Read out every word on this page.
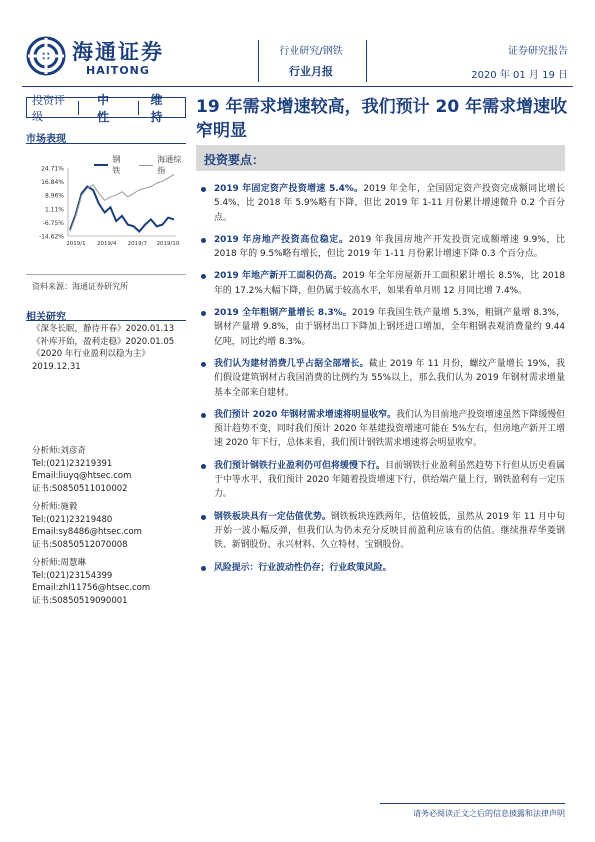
海通证券
HAITONG
行业研究/钢铁
行业月报
证券研究报告
2020 年 01 月 19 日
投资评级
中性
维持	19 年需求增速较高，我们预计 20 年需求增速收窄明显
市场表现
24.71%
16.84%
8.96%
1.11%
-6.75%
-14.62%
2019/1 2019/4 2019/7 2019/10
钢铁
海通综指
资料来源：海通证券研究所
相关研究
《深冬长眠，静待开春》2020.01.13
《补库开始，盈利走稳》2020.01.05
《2020 年行业盈利以稳为主》
2019.12.31
分析师:刘彦奇
Tel:(021)23219391
Email:liuyq@htsec.com
证书:S0850511010002
分析师:施毅
Tel:(021)23219480
Email:sy8486@htsec.com
证书:S0850512070008
分析师:周慧琳
Tel:(021)23154399
Email:zhl11756@htsec.com
证书:S0850519090001
投资要点：
2019 年固定资产投资增速 5.4%。2019 年全年，全国固定资产投资完成额同比增长 5.4%，比 2018 年 5.9%略有下降，但比 2019 年 1-11 月份累计增速微升 0.2 个百分点。
2019 年房地产投资高位稳定。2019 年我国房地产开发投资完成额增速 9.9%，比 2018 年的 9.5%略有增长，但比 2019 年 1-11 月份累计增速下降 0.3 个百分点。
2019 年地产新开工面积仍高。2019 年全年房屋新开工面积累计增长 8.5%，比 2018 年的 17.2%大幅下降，但仍属于较高水平，如果看单月则 12 月同比增 7.4%。
2019 全年粗钢产量增长 8.3%。2019 年我国生铁产量增 5.3%，粗钢产量增 8.3%，钢材产量增 9.8%，由于钢材出口下降加上钢坯进口增加，全年粗钢表观消费量约 9.44 亿吨，同比约增 8.3%。
我们认为建材消费几乎占据全部增长。截止 2019 年 11 月份，螺纹产量增长 19%，我们假设建筑钢材占我国消费的比例约为 55%以上，那么我们认为 2019 年钢材需求增量基本全部来自建材。
我们预计 2020 年钢材需求增速将明显收窄。我们认为目前地产投资增速虽然下降缓慢但预计趋势不变，同时我们预计 2020 年基建投资增速可能在 5%左右，但房地产新开工增速 2020 年下行，总体来看，我们预计钢铁需求增速将会明显收窄。
我们预计钢铁行业盈利仍可但将缓慢下行。目前钢铁行业盈利虽然趋势下行但从历史看属于中等水平，我们预计 2020 年随着投资增速下行，供给端产量上行，钢铁盈利有一定压力。
钢铁板块具有一定估值优势。钢铁板块连跌两年，估值较低，虽然从 2019 年 11 月中旬开始一波小幅反弹，但我们认为仍未充分反映目前盈利应该有的估值。继续推荐华菱钢铁、新钢股份、永兴材料、久立特材、宝钢股份。
风险提示：行业波动性仍存；行业政策风险。
请务必阅读正文之后的信息披露和法律声明
